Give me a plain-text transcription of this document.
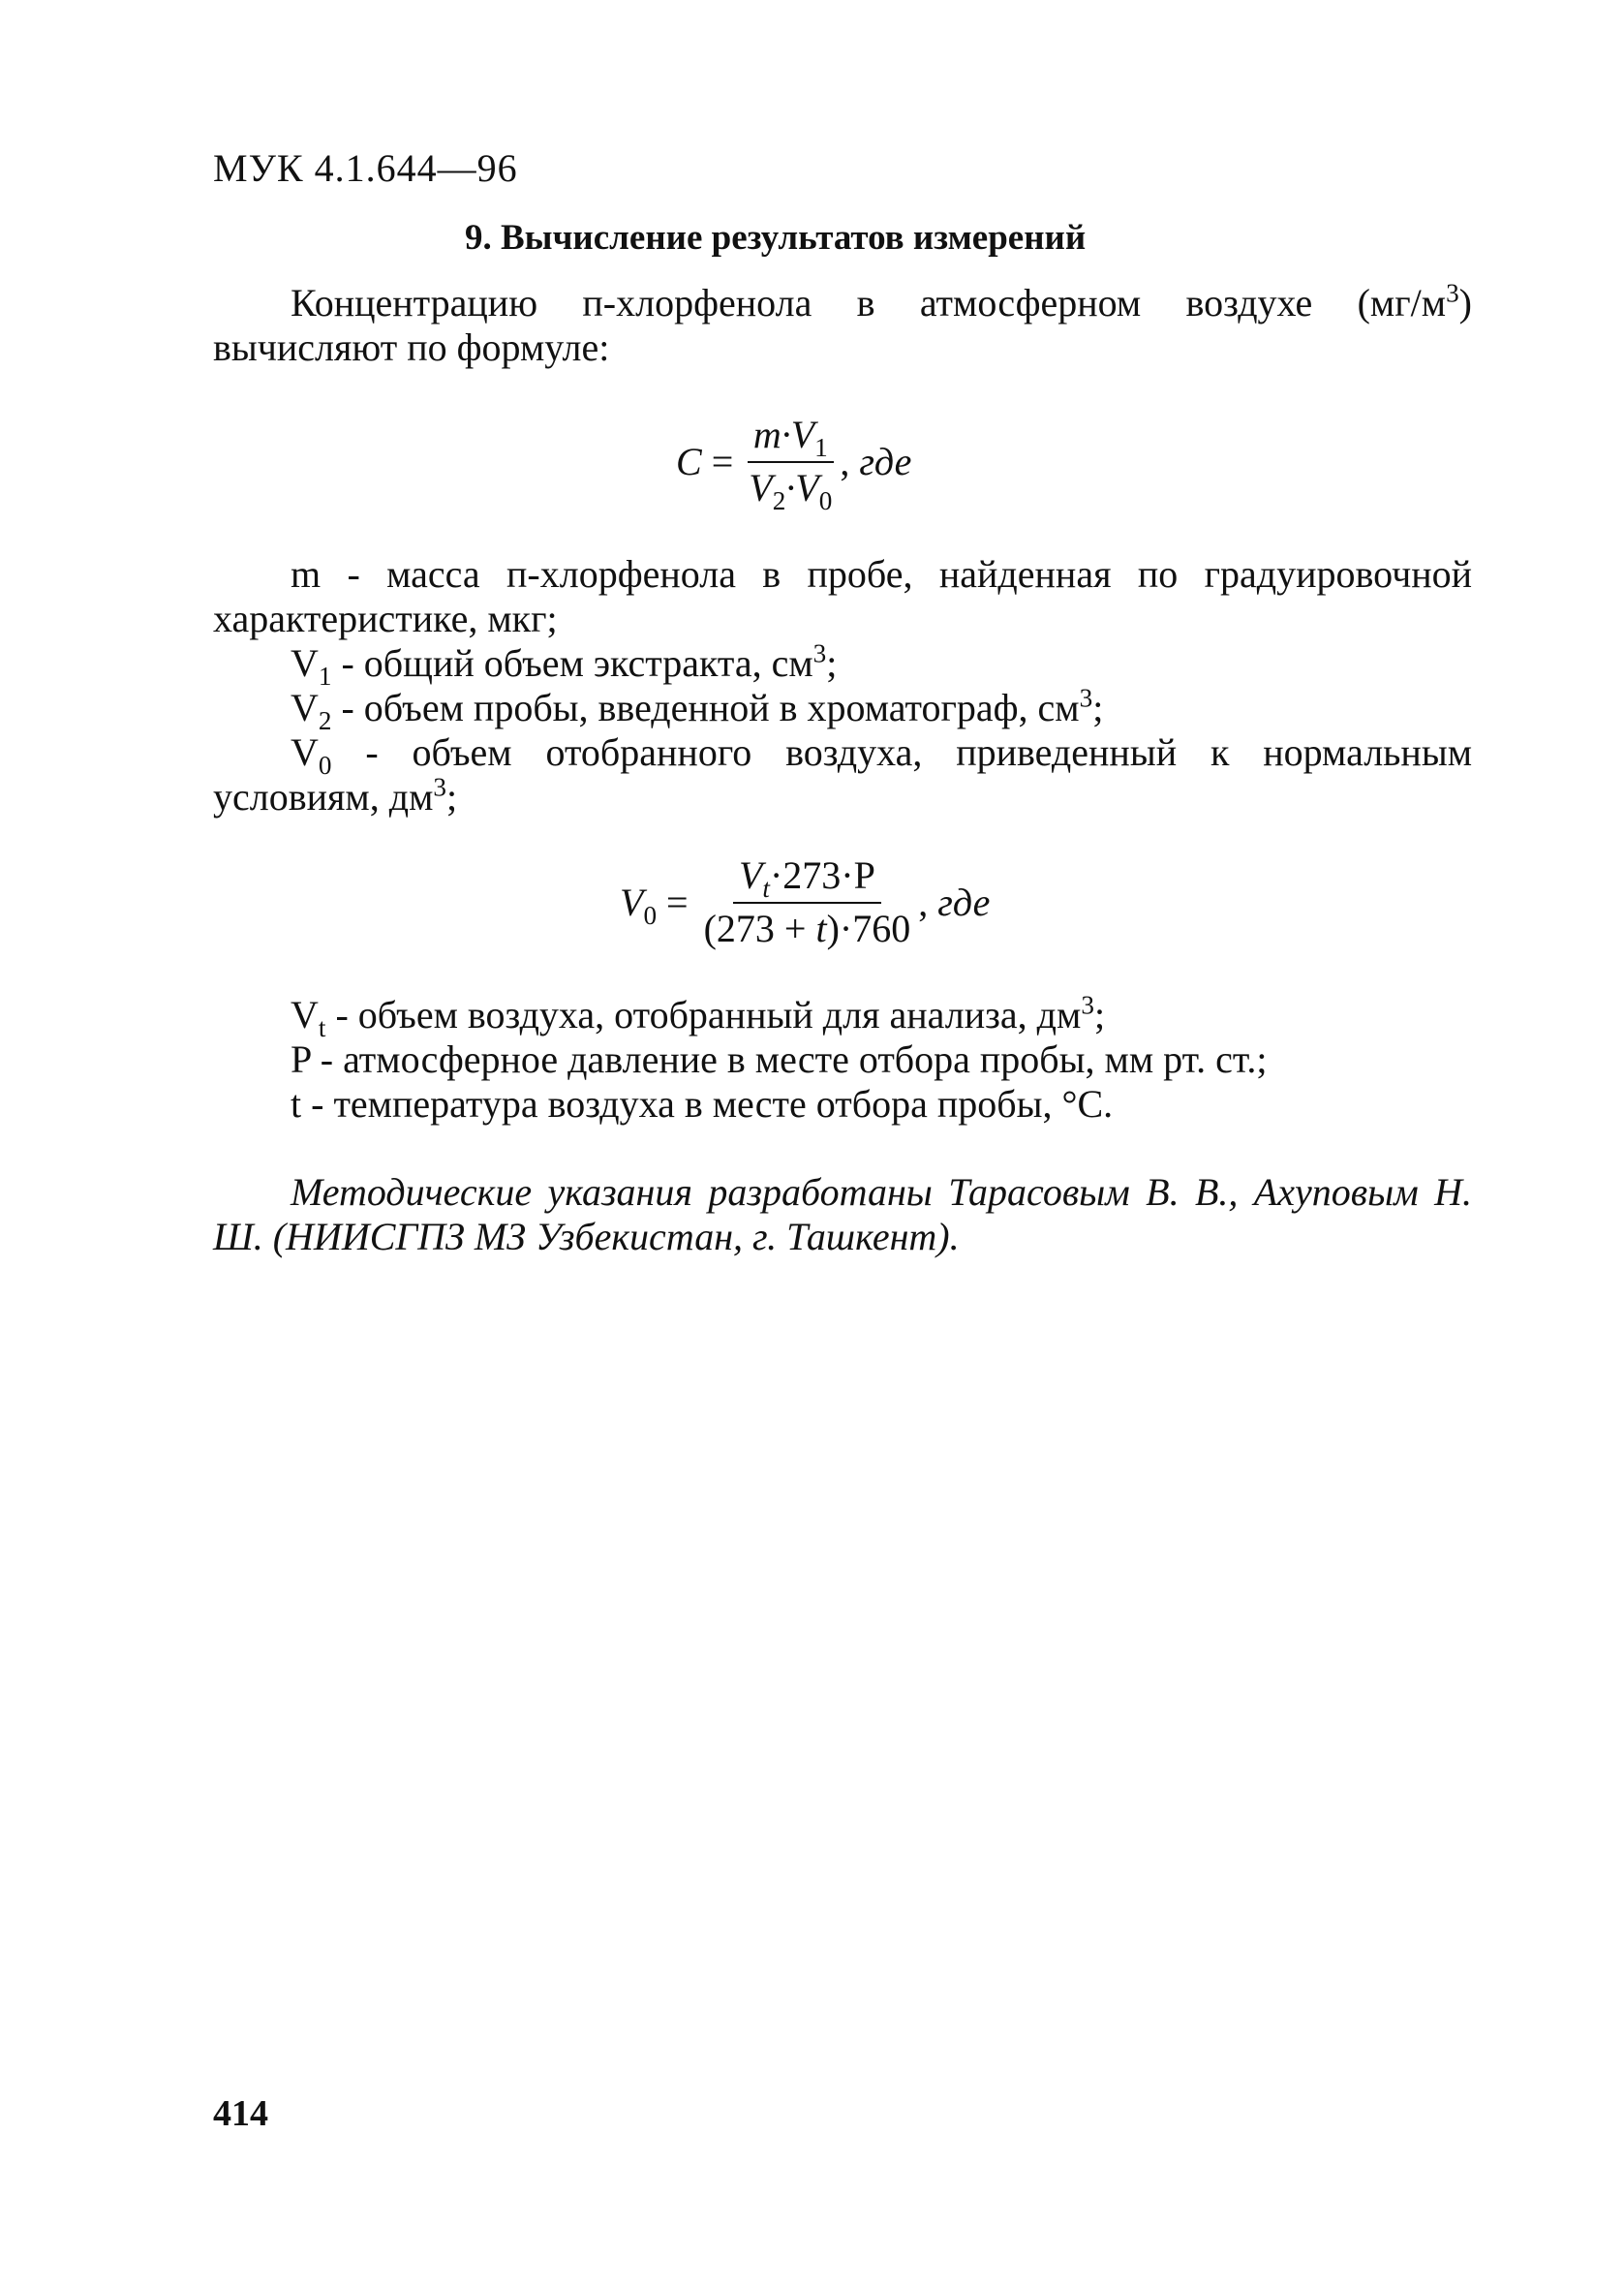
МУК 4.1.644—96
9. Вычисление результатов измерений
Концентрацию п-хлорфенола в атмосферном воздухе $(мг/м^3)$ вычисляют по формуле:
$C = \frac{m\cdot V_1}{V_2\cdot V_0}$ , где
m - масса п-хлорфенола в пробе, найденная по градуировочной характеристике, мкг;
$V_1$ - общий объем экстракта, $см^3$;
$V_2$ - объем пробы, введенной в хроматограф, $см^3$;
$V_0$ - объем отобранного воздуха, приведенный к нормальным условиям, $дм^3$;
$V_0 = \frac{V_t\cdot 273\cdot P}{(273 + t)\cdot 760}$ , где
$V_t$ - объем воздуха, отобранный для анализа, $дм^3$;
P - атмосферное давление в месте отбора пробы, мм рт. ст.;
t - температура воздуха в месте отбора пробы, °С.
Методические указания разработаны Тарасовым В. В., Ахуповым Н. Ш. (НИИСГПЗ МЗ Узбекистан, г. Ташкент).
414
